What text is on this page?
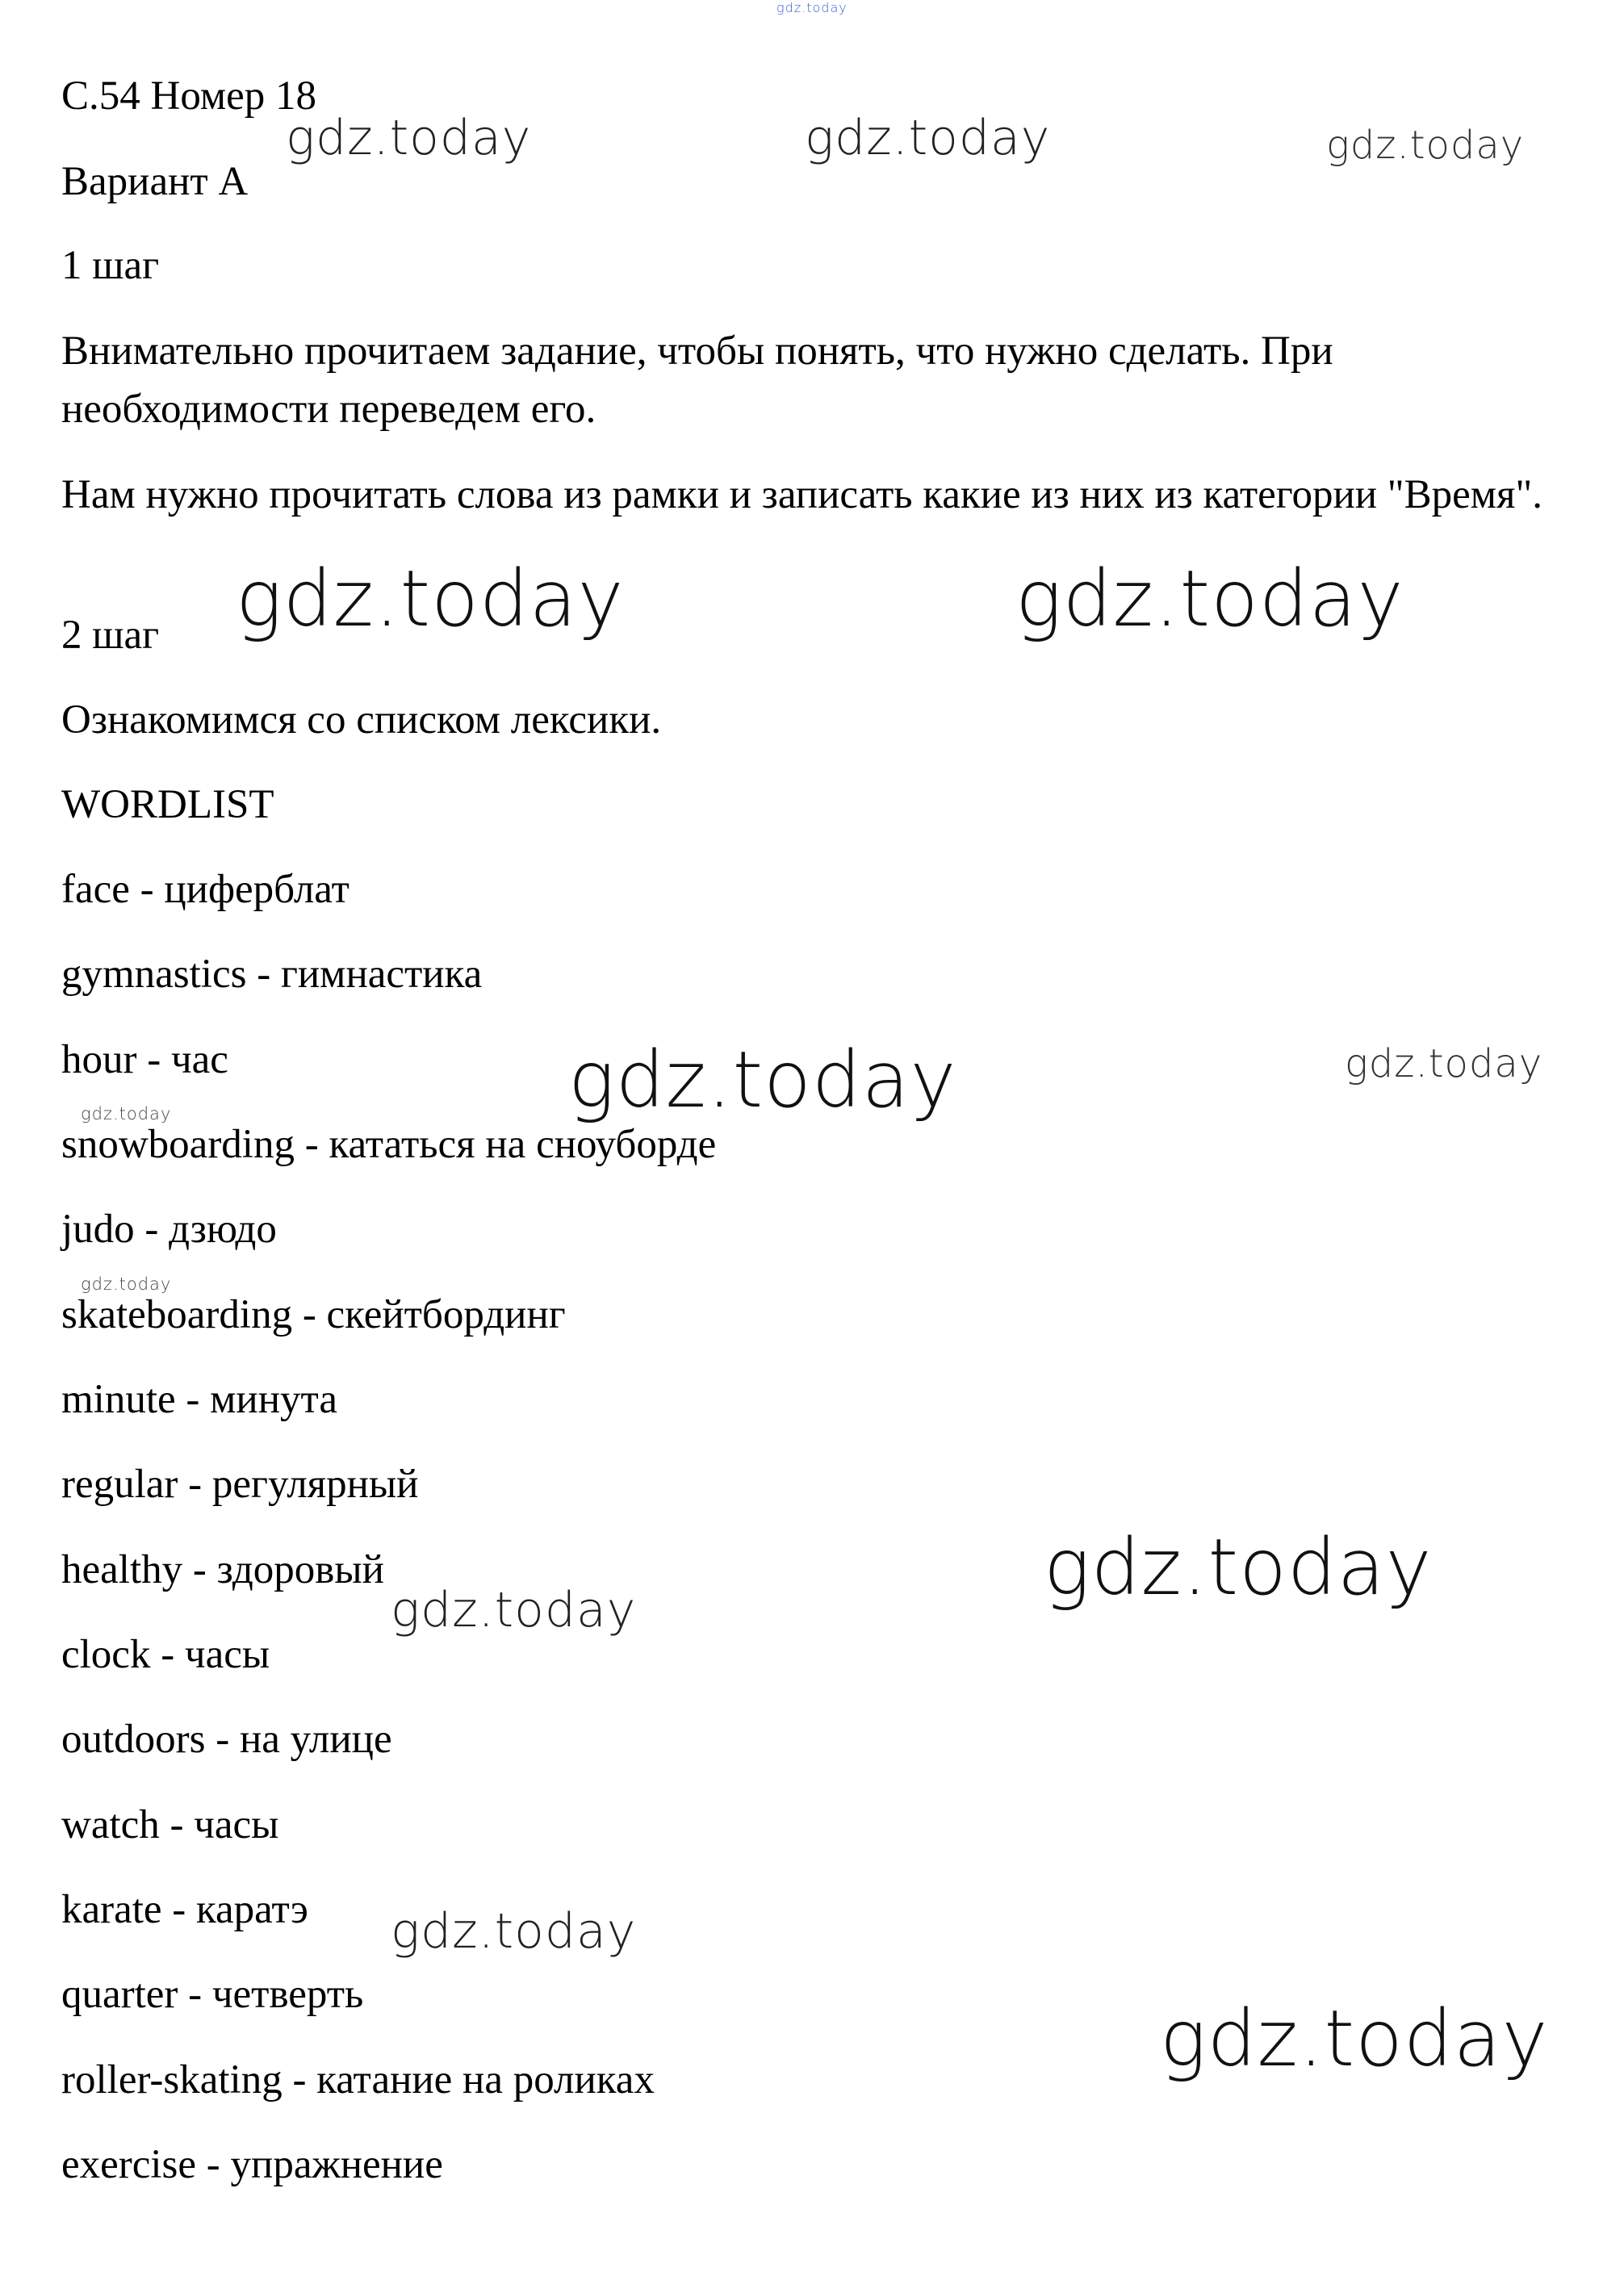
gdz.today
gdz.today	gdz.today	gdz.today
gdz.today	gdz.today
gdz.today	gdz.today
gdz.today
gdz.today
gdz.today
gdz.today
gdz.today
gdz.today
С.54 Номер 18
Вариант А
1 шаг
Внимательно прочитаем задание, чтобы понять, что нужно сделать. При необходимости переведем его.
Нам нужно прочитать слова из рамки и записать какие из них из категории "Время".
2 шаг
Ознакомимся со списком лексики.
WORDLIST
face - циферблат
gymnastics - гимнастика
hour - час
snowboarding - кататься на сноуборде
judo - дзюдо
skateboarding - скейтбординг
minute - минута
regular - регулярный
healthy - здоровый
clock - часы
outdoors - на улице
watch - часы
karate - каратэ
quarter - четверть
roller-skating - катание на роликах
exercise - упражнение
